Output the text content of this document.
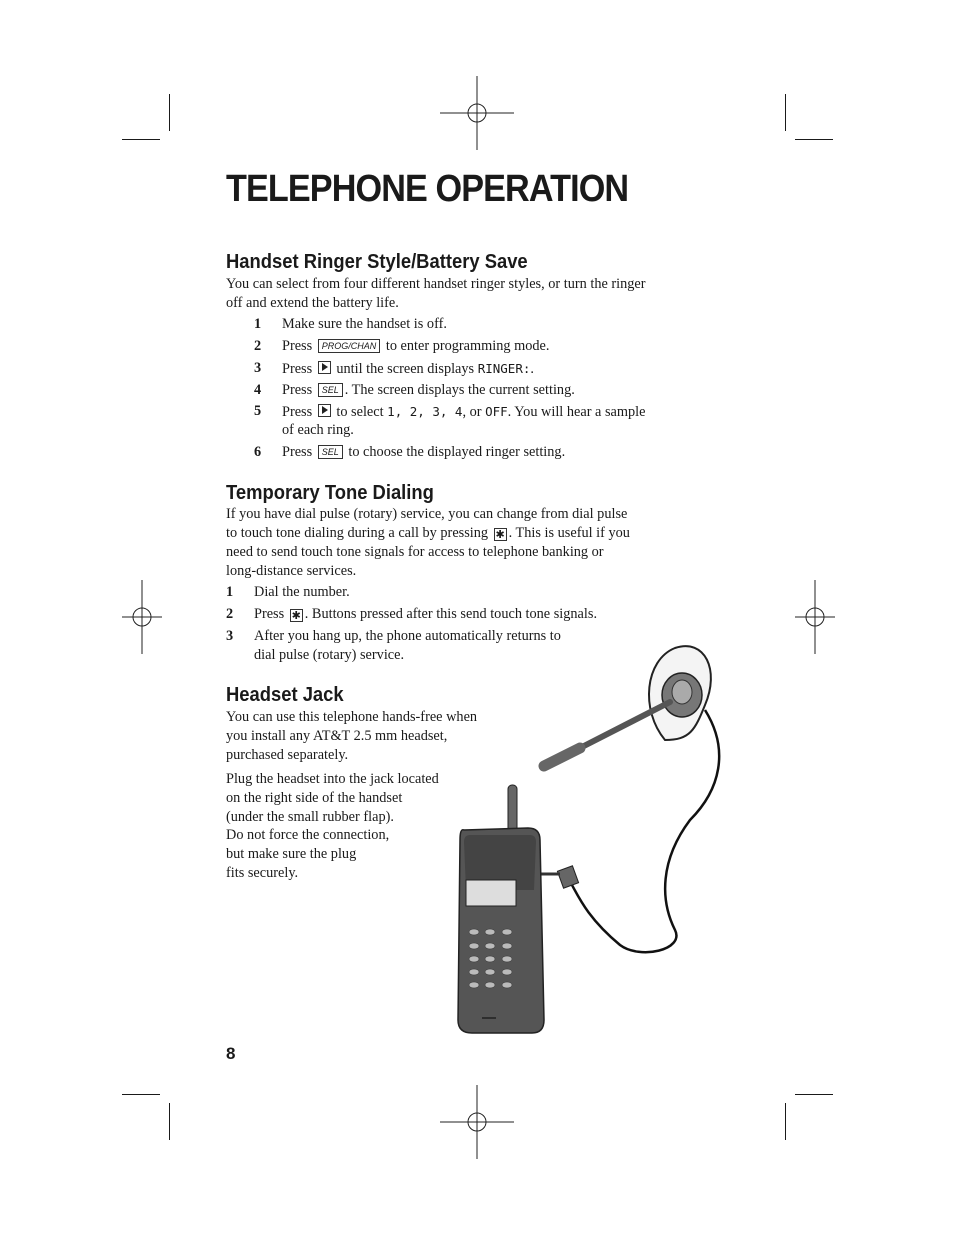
TELEPHONE OPERATION
Handset Ringer Style/Battery Save

You can select from four different handset ringer styles, or turn the ringer

off and extend the battery life.

1 Make sure the handset is off.
2 Press PROG/CHAN to enter programming mode.
3 Press until the screen displays RINGER:.
4 Press SEL . The screen displays the current setting.
5 Press to select 1, 2, 3, 4, or OFF. You will hear a sample
of each ring.
6 Press SEL to choose the displayed ringer setting.
Temporary Tone Dialing

If you have dial pulse (rotary) service, you can change from dial pulse

to touch tone dialing during a call by pressing ✱ . This is useful if you

need to send touch tone signals for access to telephone banking or

long-distance services.

1 Dial the number.
2 Press ✱ . Buttons pressed after this send touch tone signals.
3 After you hang up, the phone automatically returns to
dial pulse (rotary) service.
Headset Jack

You can use this telephone hands-free when

you install any AT&T 2.5 mm headset,

purchased separately.

Plug the headset into the jack located

on the right side of the handset

(under the small rubber flap).

Do not force the connection,

but make sure the plug

fits securely.

8
